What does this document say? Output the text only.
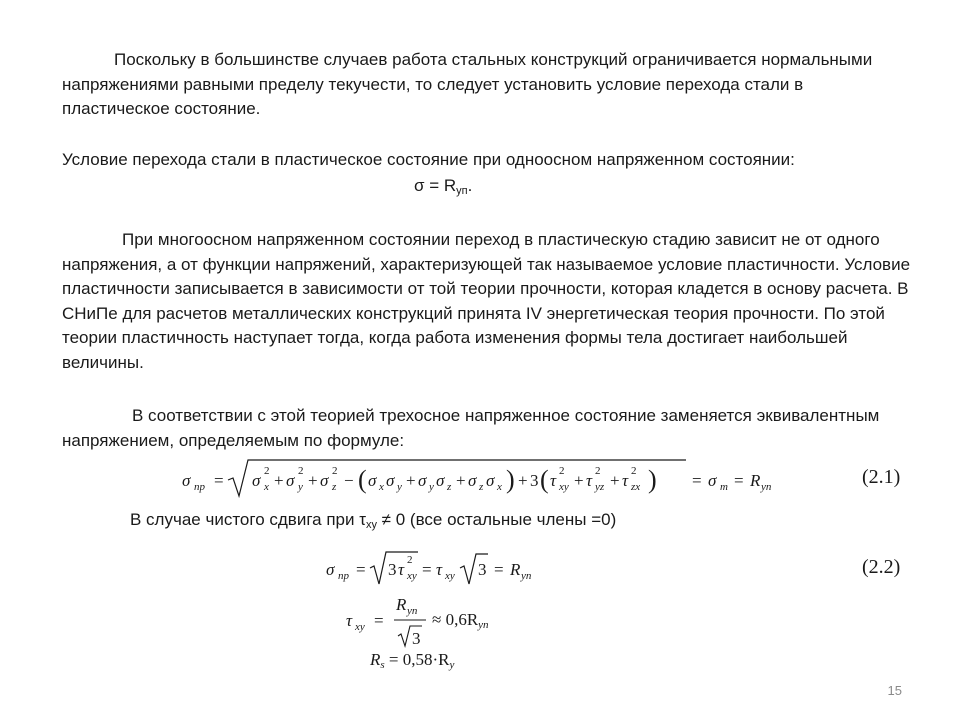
Поскольку в большинстве случаев работа стальных конструкций ограничивается нормальными напряжениями равными пределу текучести, то следует установить условие перехода стали в пластическое состояние.

Условие перехода стали в пластическое состояние при одноосном напряженном состоянии:

$\sigma = R_{уп}$.

При многоосном напряженном состоянии переход в пластическую стадию зависит не от одного напряжения, а от функции напряжений, характеризующей так называемое условие пластичности. Условие пластичности записывается в зависимости от той теории прочности, которая кладется в основу расчета. В СНиПе для расчетов металлических конструкций принята IV энергетическая теория прочности. По этой теории пластичность наступает тогда, когда работа изменения формы тела достигает наибольшей величины.

В соответствии с этой теорией трехосное напряженное состояние заменяется эквивалентным напряжением, определяемым по формуле:

σ пр = σ 2
x + σ 2
y + σ 2
z − ( σ x σ y + σ y σ z + σ z σ x ) + 3 ( τ 2
xy + τ 2
yz + τ 2
zx ) = σ m = R yn	(2.1)
В случае чистого сдвига при $\tau_{xy} \ne 0$ (все остальные члены =0)
σ пр = 3 τ 2
xy = τ xy 3 = R yn	(2.2)
τ xy =
R yn
3
≈ $0,6R_{yn}$
$R_s = 0,58\cdot R_y$
15
